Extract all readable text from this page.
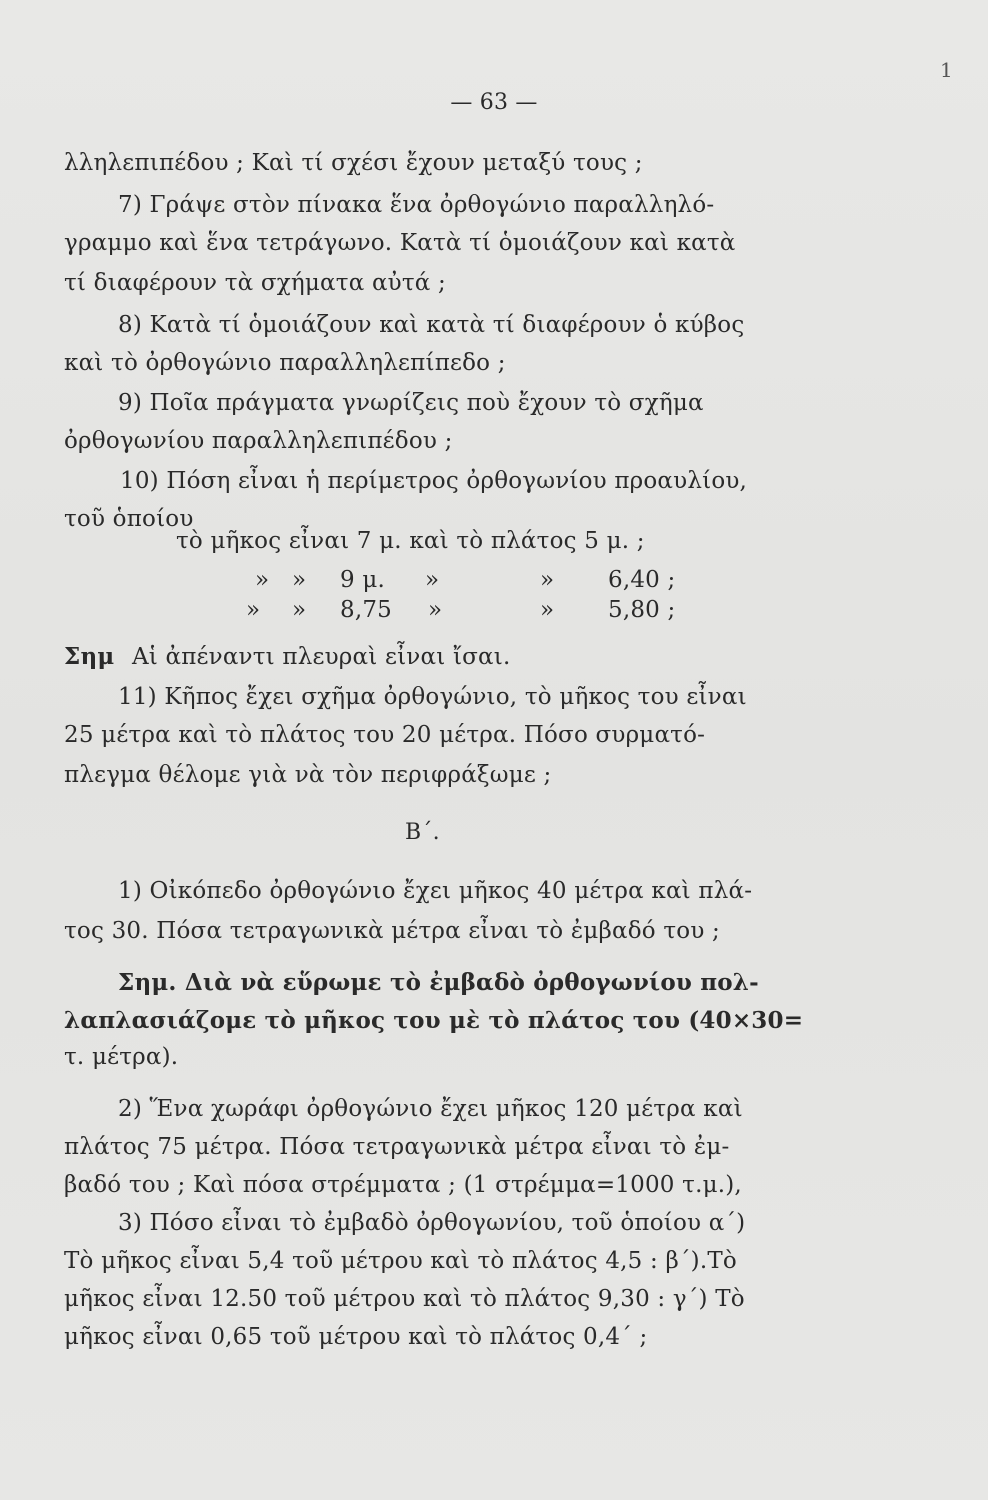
1
— 63 —
λληλεπιπέδου ; Καὶ τί σχέσι ἔχουν μεταξύ τους ;
7) Γράψε στὸν πίνακα ἕνα ὀρθογώνιο παραλληλό-
γραμμο καὶ ἕνα τετράγωνο. Κατὰ τί ὁμοιάζουν καὶ κατὰ
τί διαφέρουν τὰ σχήματα αὐτά ;
8) Κατὰ τί ὁμοιάζουν καὶ κατὰ τί διαφέρουν ὁ κύβος
καὶ τὸ ὀρθογώνιο παραλληλεπίπεδο ;
9) Ποῖα πράγματα γνωρίζεις ποὺ ἔχουν τὸ σχῆμα
ὀρθογωνίου παραλληλεπιπέδου ;
10) Πόση εἶναι ἡ περίμετρος ὀρθογωνίου προαυλίου,
τοῦ ὁποίου
τὸ μῆκος εἶναι 7 μ. καὶ τὸ πλάτος 5 μ. ;
» » 9 μ. »	» 6,40 ;
» » 8,75 »	» 5,80 ;
Σημ Αἱ ἀπέναντι πλευραὶ εἶναι ἴσαι.
11) Κῆπος ἔχει σχῆμα ὀρθογώνιο, τὸ μῆκος του εἶναι
25 μέτρα καὶ τὸ πλάτος του 20 μέτρα. Πόσο συρματό-
πλεγμα θέλομε γιὰ νὰ τὸν περιφράξωμε ;
Β΄.
1) Οἰκόπεδο ὀρθογώνιο ἔχει μῆκος 40 μέτρα καὶ πλά-
τος 30. Πόσα τετραγωνικὰ μέτρα εἶναι τὸ ἐμβαδό του ;
Σημ. Διὰ νὰ εὕρωμε τὸ ἐμβαδὸ ὀρθογωνίου πολ-
λαπλασιάζομε τὸ μῆκος του μὲ τὸ πλάτος του (40×30=
τ. μέτρα).
2) Ἕνα χωράφι ὀρθογώνιο ἔχει μῆκος 120 μέτρα καὶ
πλάτος 75 μέτρα. Πόσα τετραγωνικὰ μέτρα εἶναι τὸ ἐμ-
βαδό του ; Καὶ πόσα στρέμματα ; (1 στρέμμα=1000 τ.μ.),
3) Πόσο εἶναι τὸ ἐμβαδὸ ὀρθογωνίου, τοῦ ὁποίου α΄)
Τὸ μῆκος εἶναι 5,4 τοῦ μέτρου καὶ τὸ πλάτος 4,5 : β΄).Τὸ
μῆκος εἶναι 12.50 τοῦ μέτρου καὶ τὸ πλάτος 9,30 : γ΄) Τὸ
μῆκος εἶναι 0,65 τοῦ μέτρου καὶ τὸ πλάτος 0,4΄ ;
